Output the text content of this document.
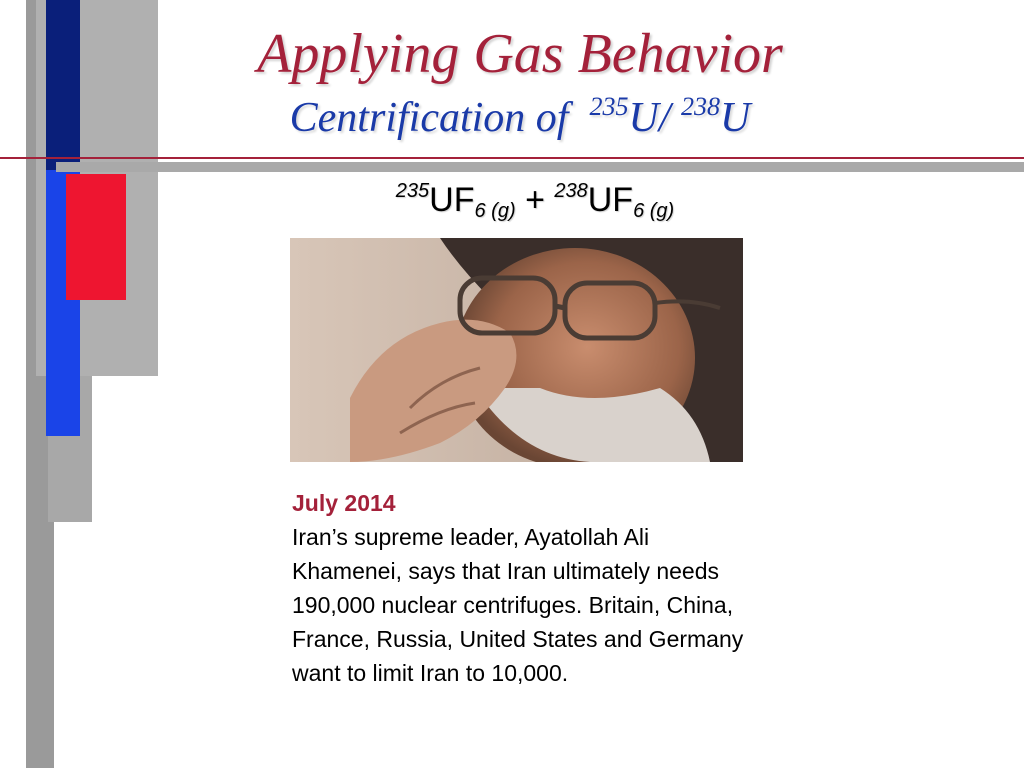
Applying Gas Behavior
Centrification of $^{235}$U/ $^{238}$U
$^{235}UF_{6 (g)} + ^{238}UF_{6 (g)}$
July 2014
Iran’s supreme leader, Ayatollah Ali Khamenei, says that Iran ultimately needs 190,000 nuclear centrifuges. Britain, China, France, Russia, United States and Germany want to limit Iran to 10,000.
